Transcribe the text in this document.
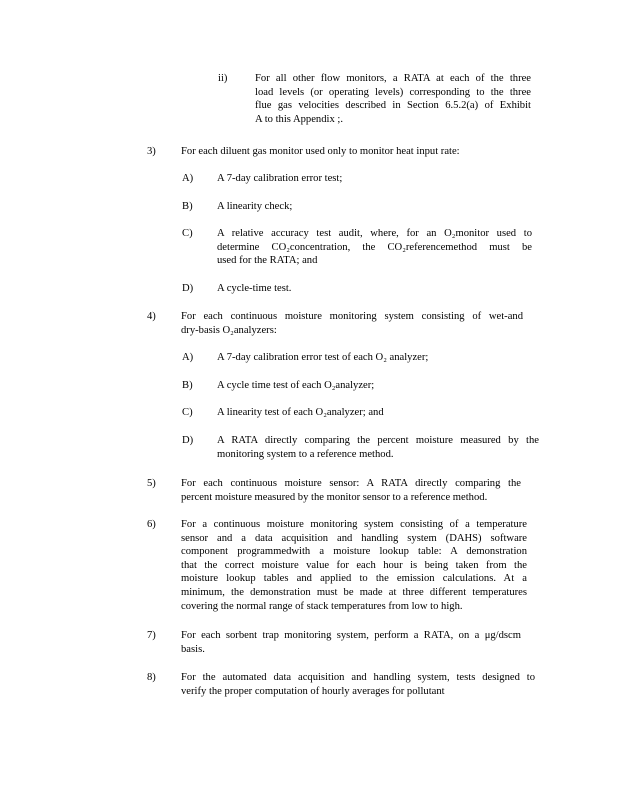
ii)	For all other flow monitors, a RATA at each of the three
load levels (or operating levels) corresponding to the three
flue gas velocities described in Section 6.5.2(a) of Exhibit
A to this Appendix ;.
3) For each diluent gas monitor used only to monitor heat input rate:
A) A 7-day calibration error test;
B) A linearity check;
C) A relative accuracy test audit, where, for an O₂monitor used to
determine CO₂concentration, the CO₂referencemethod must be
used for the RATA; and
D) A cycle-time test.
4) For each continuous moisture monitoring system consisting of wet-and
dry-basis O₂analyzers:
A) A 7-day calibration error test of each O₂ analyzer;
B) A cycle time test of each O₂analyzer;
C) A linearity test of each O₂analyzer; and
D) A RATA directly comparing the percent moisture measured by the
monitoring system to a reference method.
5) For each continuous moisture sensor: A RATA directly comparing the
percent moisture measured by the monitor sensor to a reference method.
6) For a continuous moisture monitoring system consisting of a temperature
sensor and a data acquisition and handling system (DAHS) software
component programmedwith a moisture lookup table: A demonstration
that the correct moisture value for each hour is being taken from the
moisture lookup tables and applied to the emission calculations. At a
minimum, the demonstration must be made at three different temperatures
covering the normal range of stack temperatures from low to high.
7) For each sorbent trap monitoring system, perform a RATA, on a μg/dscm
basis.
8) For the automated data acquisition and handling system, tests designed to
verify the proper computation of hourly averages for pollutant
